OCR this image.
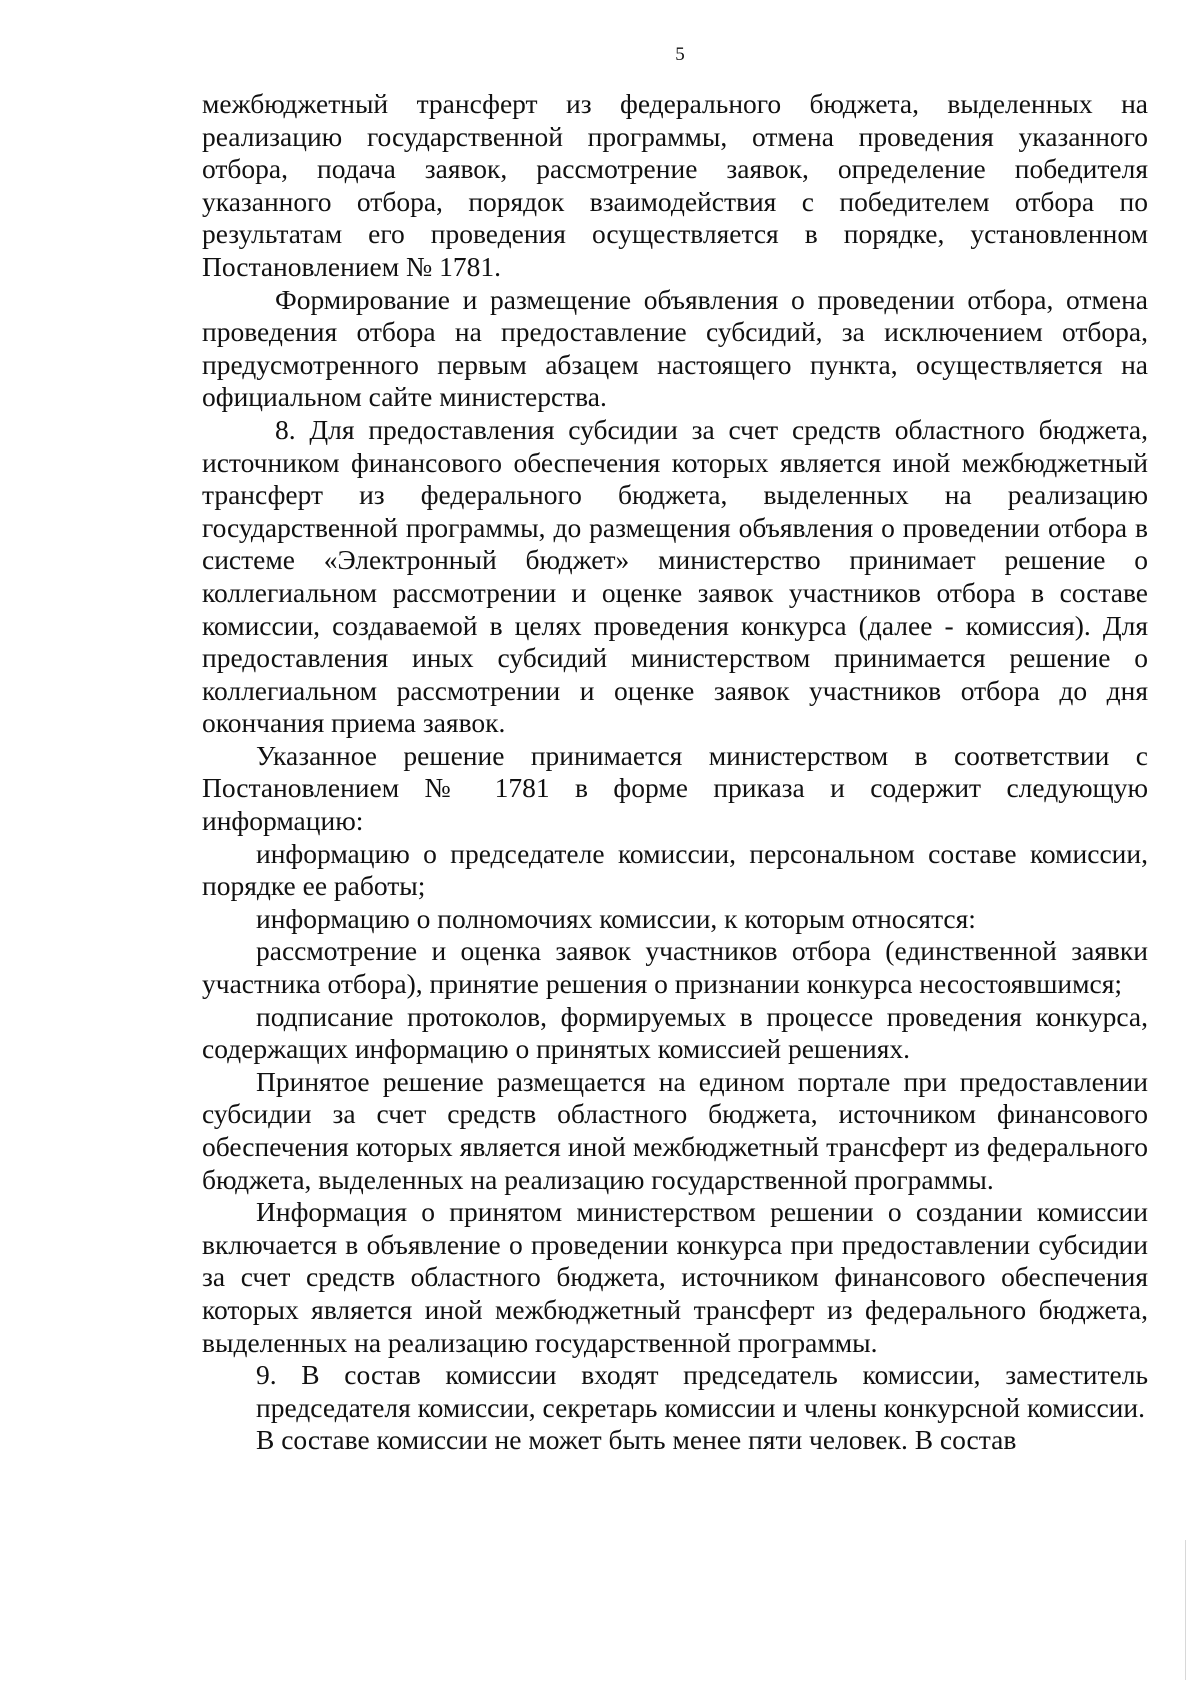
5

межбюджетный трансферт из федерального бюджета, выделенных на реализацию государственной программы, отмена проведения указанного отбора, подача заявок, рассмотрение заявок, определение победителя указанного отбора, порядок взаимодействия с победителем отбора по результатам его проведения осуществляется в порядке, установленном Постановлением № 1781.

Формирование и размещение объявления о проведении отбора, отмена проведения отбора на предоставление субсидий, за исключением отбора, предусмотренного первым абзацем настоящего пункта, осуществляется на официальном сайте министерства.

8. Для предоставления субсидии за счет средств областного бюджета, источником финансового обеспечения которых является иной межбюджетный трансферт из федерального бюджета, выделенных на реализацию государственной программы, до размещения объявления о проведении отбора в системе «Электронный бюджет» министерство принимает решение о коллегиальном рассмотрении и оценке заявок участников отбора в составе комиссии, создаваемой в целях проведения конкурса (далее - комиссия). Для предоставления иных субсидий министерством принимается решение о коллегиальном рассмотрении и оценке заявок участников отбора до дня окончания приема заявок.

Указанное решение принимается министерством в соответствии с Постановлением № 1781 в форме приказа и содержит следующую информацию:

информацию о председателе комиссии, персональном составе комиссии, порядке ее работы;

информацию о полномочиях комиссии, к которым относятся:

рассмотрение и оценка заявок участников отбора (единственной заявки участника отбора), принятие решения о признании конкурса несостоявшимся;

подписание протоколов, формируемых в процессе проведения конкурса, содержащих информацию о принятых комиссией решениях.

Принятое решение размещается на едином портале при предоставлении субсидии за счет средств областного бюджета, источником финансового обеспечения которых является иной межбюджетный трансферт из федерального бюджета, выделенных на реализацию государственной программы.

Информация о принятом министерством решении о создании комиссии включается в объявление о проведении конкурса при предоставлении субсидии за счет средств областного бюджета, источником финансового обеспечения которых является иной межбюджетный трансферт из федерального бюджета, выделенных на реализацию государственной программы.

9. В состав комиссии входят председатель комиссии, заместитель председателя комиссии, секретарь комиссии и члены конкурсной комиссии.

В составе комиссии не может быть менее пяти человек. В состав
